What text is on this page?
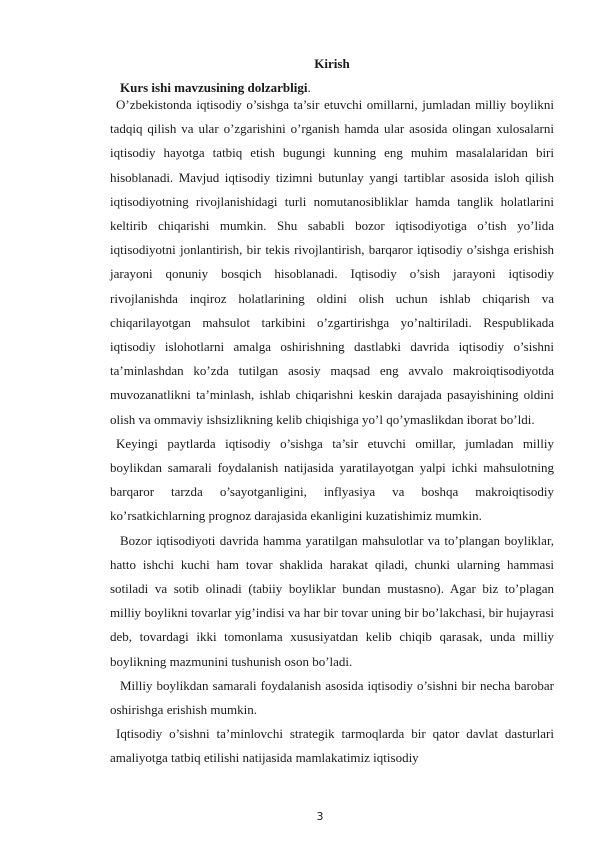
Kirish
Kurs ishi mavzusining dolzarbligi.

O’zbekistonda iqtisodiy o’sishga ta’sir etuvchi omillarni, jumladan milliy boylikni tadqiq qilish va ular o’zgarishini o’rganish hamda ular asosida olingan xulosalarni iqtisodiy hayotga tatbiq etish bugungi kunning eng muhim masalalaridan biri hisoblanadi. Mavjud iqtisodiy tizimni butunlay yangi tartiblar asosida isloh qilish iqtisodiyotning rivojlanishidagi turli nomutanosibliklar hamda tanglik holatlarini keltirib chiqarishi mumkin. Shu sababli bozor iqtisodiyotiga o’tish yo’lida iqtisodiyotni jonlantirish, bir tekis rivojlantirish, barqaror iqtisodiy o’sishga erishish jarayoni qonuniy bosqich hisoblanadi. Iqtisodiy o’sish jarayoni iqtisodiy rivojlanishda inqiroz holatlarining oldini olish uchun ishlab chiqarish va chiqarilayotgan mahsulot tarkibini o’zgartirishga yo’naltiriladi. Respublikada iqtisodiy islohotlarni amalga oshirishning dastlabki davrida iqtisodiy o’sishni ta’minlashdan ko’zda tutilgan asosiy maqsad eng avvalo makroiqtisodiyotda muvozanatlikni ta’minlash, ishlab chiqarishni keskin darajada pasayishining oldini olish va ommaviy ishsizlikning kelib chiqishiga yo’l qo’ymaslikdan iborat bo’ldi.

Keyingi paytlarda iqtisodiy o’sishga ta’sir etuvchi omillar, jumladan milliy boylikdan samarali foydalanish natijasida yaratilayotgan yalpi ichki mahsulotning barqaror tarzda o’sayotganligini, inflyasiya va boshqa makroiqtisodiy ko’rsatkichlarning prognoz darajasida ekanligini kuzatishimiz mumkin.

Bozor iqtisodiyoti davrida hamma yaratilgan mahsulotlar va to’plangan boyliklar, hatto ishchi kuchi ham tovar shaklida harakat qiladi, chunki ularning hammasi sotiladi va sotib olinadi (tabiiy boyliklar bundan mustasno). Agar biz to’plagan milliy boylikni tovarlar yig’indisi va har bir tovar uning bir bo’lakchasi, bir hujayrasi deb, tovardagi ikki tomonlama xususiyatdan kelib chiqib qarasak, unda milliy boylikning mazmunini tushunish oson bo’ladi.

Milliy boylikdan samarali foydalanish asosida iqtisodiy o’sishni bir necha barobar oshirishga erishish mumkin.

Iqtisodiy o’sishni ta’minlovchi strategik tarmoqlarda bir qator davlat dasturlari amaliyotga tatbiq etilishi natijasida mamlakatimiz iqtisodiy

3
